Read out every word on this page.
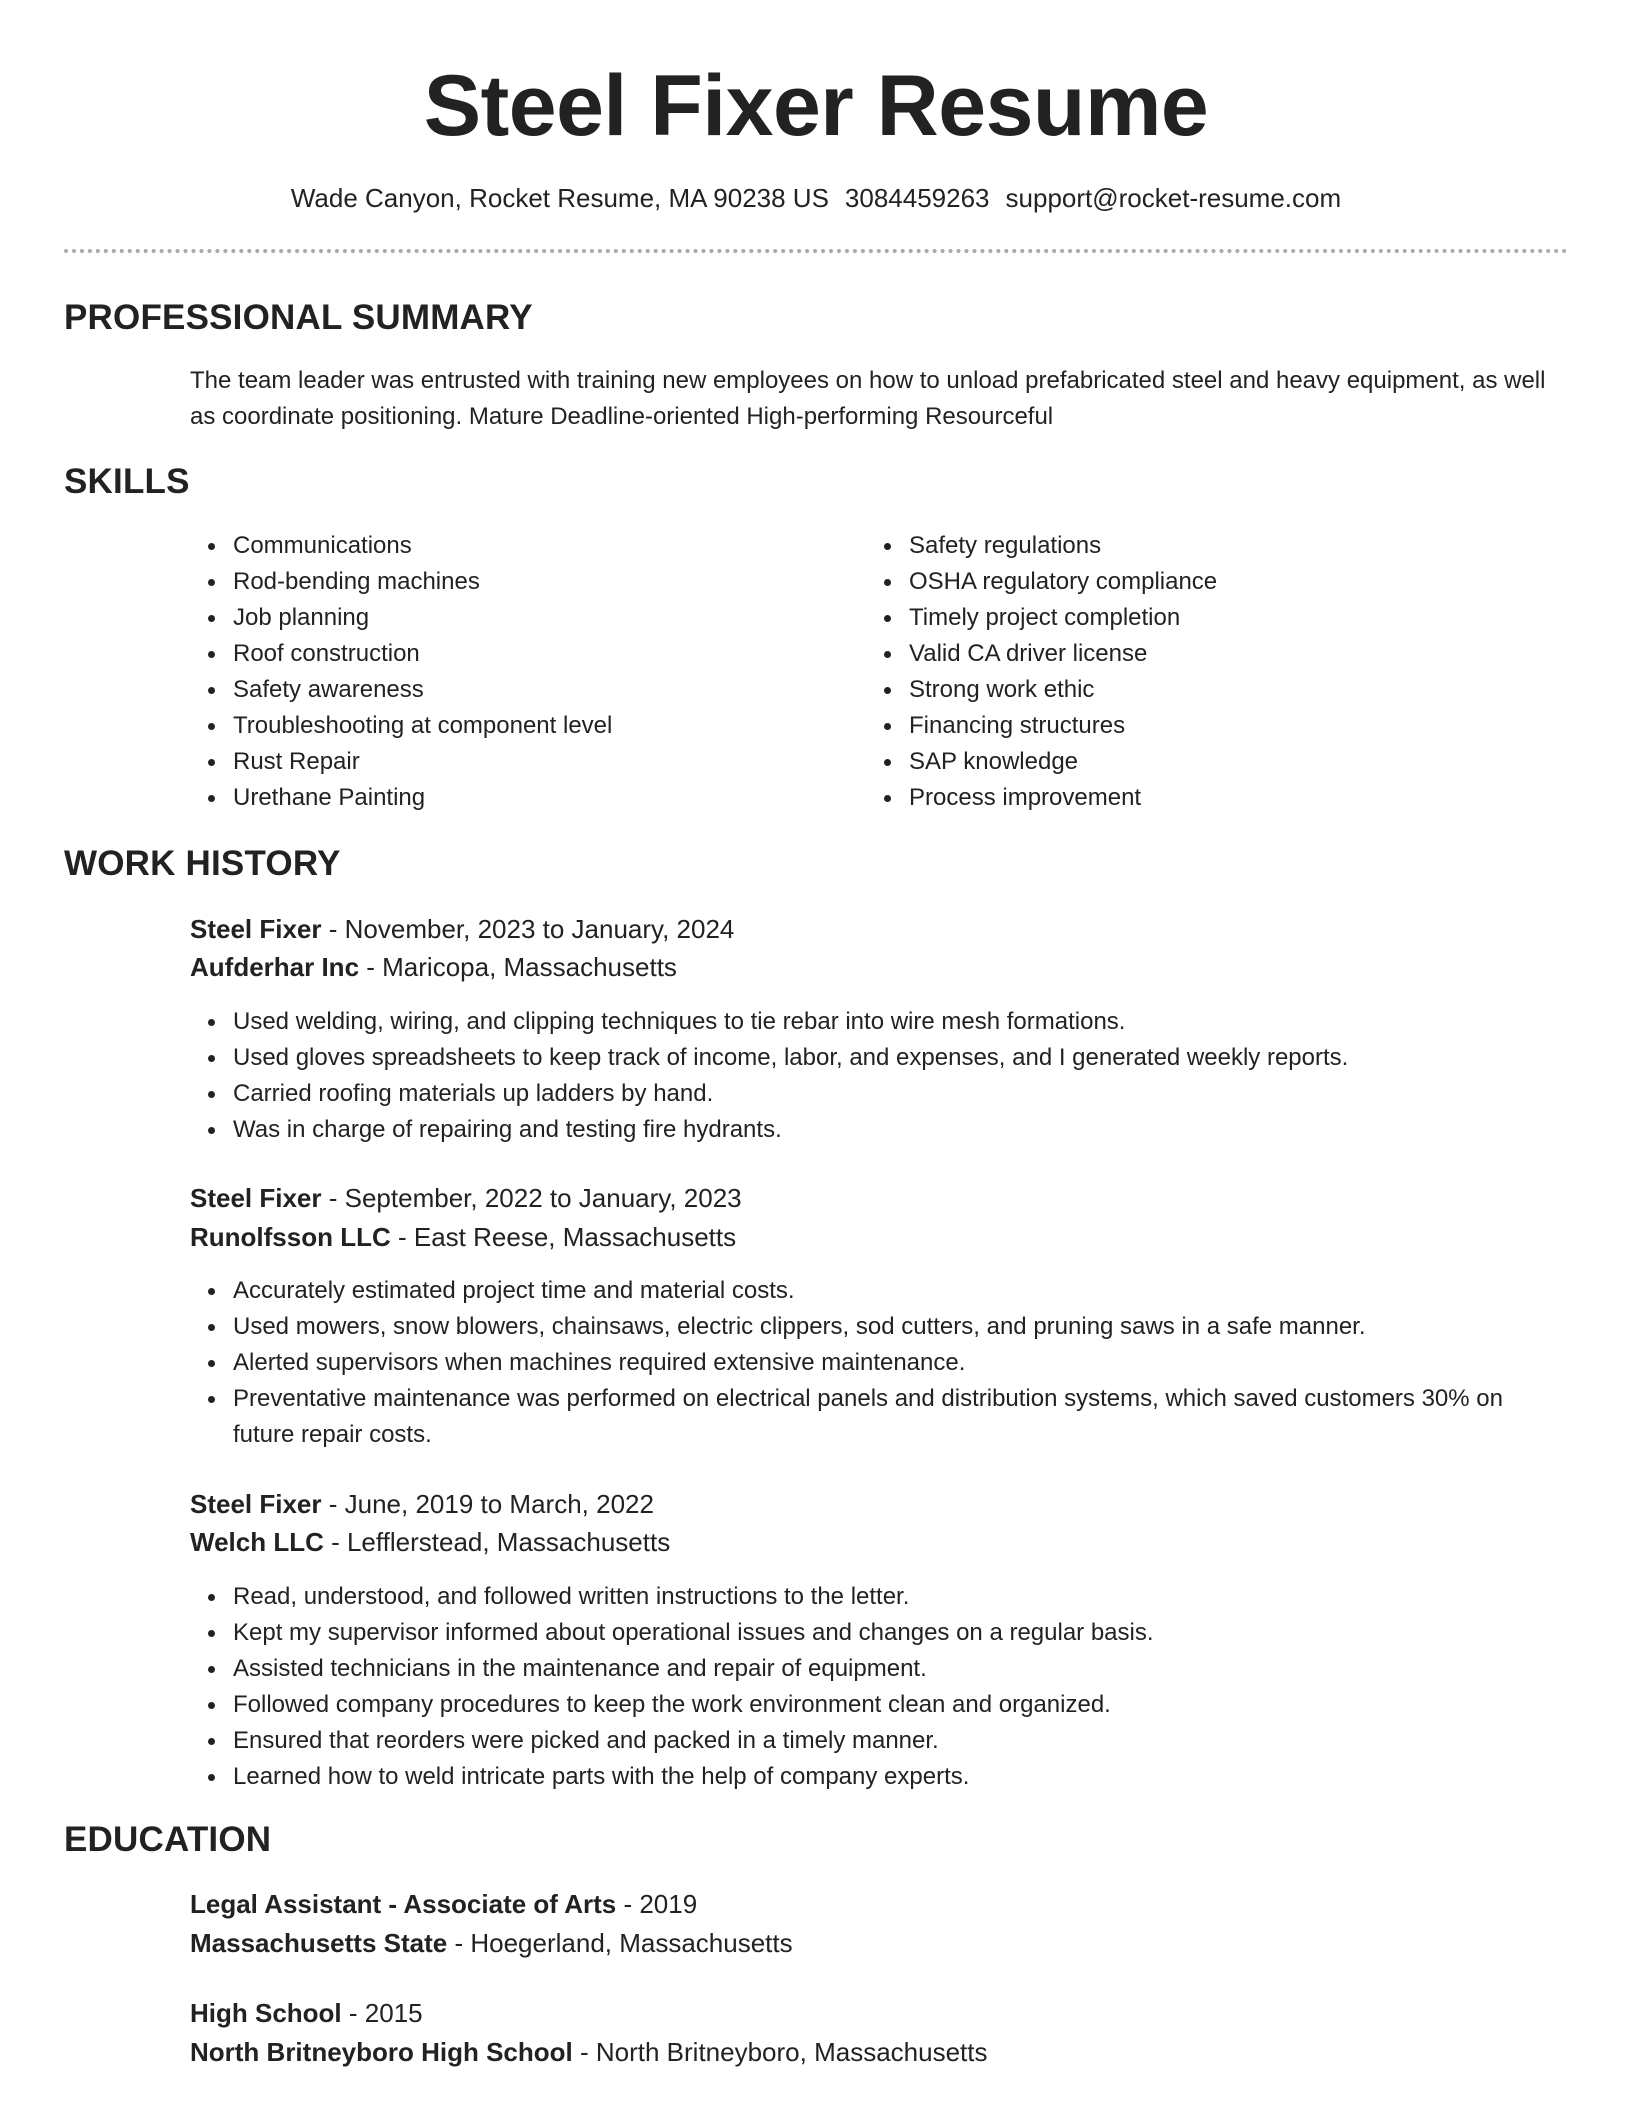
Steel Fixer Resume
Wade Canyon, Rocket Resume, MA 90238 US 3084459263 support@rocket-resume.com
PROFESSIONAL SUMMARY
The team leader was entrusted with training new employees on how to unload prefabricated steel and heavy equipment, as well as coordinate positioning. Mature Deadline-oriented High-performing Resourceful
SKILLS
Communications
Rod-bending machines
Job planning
Roof construction
Safety awareness
Troubleshooting at component level
Rust Repair
Urethane Painting
Safety regulations
OSHA regulatory compliance
Timely project completion
Valid CA driver license
Strong work ethic
Financing structures
SAP knowledge
Process improvement
WORK HISTORY
Steel Fixer - November, 2023 to January, 2024
Aufderhar Inc - Maricopa, Massachusetts
Used welding, wiring, and clipping techniques to tie rebar into wire mesh formations.
Used gloves spreadsheets to keep track of income, labor, and expenses, and I generated weekly reports.
Carried roofing materials up ladders by hand.
Was in charge of repairing and testing fire hydrants.
Steel Fixer - September, 2022 to January, 2023
Runolfsson LLC - East Reese, Massachusetts
Accurately estimated project time and material costs.
Used mowers, snow blowers, chainsaws, electric clippers, sod cutters, and pruning saws in a safe manner.
Alerted supervisors when machines required extensive maintenance.
Preventative maintenance was performed on electrical panels and distribution systems, which saved customers 30% on future repair costs.
Steel Fixer - June, 2019 to March, 2022
Welch LLC - Lefflerstead, Massachusetts
Read, understood, and followed written instructions to the letter.
Kept my supervisor informed about operational issues and changes on a regular basis.
Assisted technicians in the maintenance and repair of equipment.
Followed company procedures to keep the work environment clean and organized.
Ensured that reorders were picked and packed in a timely manner.
Learned how to weld intricate parts with the help of company experts.
EDUCATION
Legal Assistant - Associate of Arts - 2019
Massachusetts State - Hoegerland, Massachusetts
High School - 2015
North Britneyboro High School - North Britneyboro, Massachusetts
